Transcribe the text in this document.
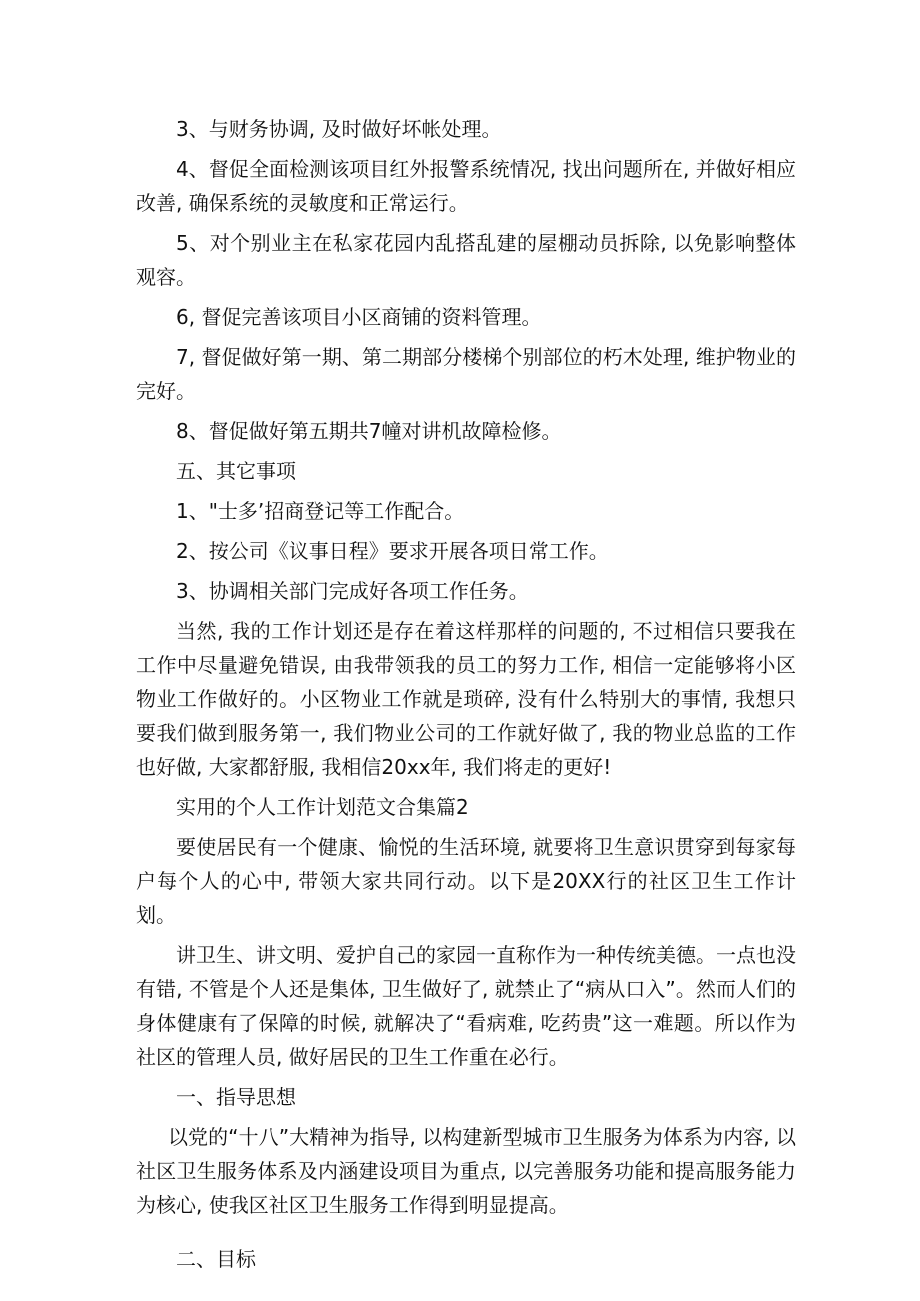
3、与财务协调, 及时做好坏帐处理。

4、督促全面检测该项目红外报警系统情况, 找出问题所在, 并做好相应改善, 确保系统的灵敏度和正常运行。

5、对个别业主在私家花园内乱搭乱建的屋棚动员拆除, 以免影响整体观容。

6, 督促完善该项目小区商铺的资料管理。

7, 督促做好第一期、第二期部分楼梯个别部位的朽木处理, 维护物业的完好。

8、督促做好第五期共7幢对讲机故障检修。

五、其它事项

1、"士多’招商登记等工作配合。

2、按公司《议事日程》要求开展各项日常工作。

3、协调相关部门完成好各项工作任务。

当然, 我的工作计划还是存在着这样那样的问题的, 不过相信只要我在工作中尽量避免错误, 由我带领我的员工的努力工作, 相信一定能够将小区物业工作做好的。小区物业工作就是琐碎, 没有什么特别大的事情, 我想只要我们做到服务第一, 我们物业公司的工作就好做了, 我的物业总监的工作也好做, 大家都舒服, 我相信20xx年, 我们将走的更好!

实用的个人工作计划范文合集篇2

要使居民有一个健康、愉悦的生活环境, 就要将卫生意识贯穿到每家每户每个人的心中, 带领大家共同行动。以下是20XX行的社区卫生工作计划。

讲卫生、讲文明、爱护自己的家园一直称作为一种传统美德。一点也没有错, 不管是个人还是集体, 卫生做好了, 就禁止了“病从口入”。然而人们的身体健康有了保障的时候, 就解决了“看病难, 吃药贵”这一难题。所以作为社区的管理人员, 做好居民的卫生工作重在必行。

一、指导思想

以党的“十八”大精神为指导, 以构建新型城市卫生服务为体系为内容, 以社区卫生服务体系及内涵建设项目为重点, 以完善服务功能和提高服务能力为核心, 使我区社区卫生服务工作得到明显提高。

二、目标
